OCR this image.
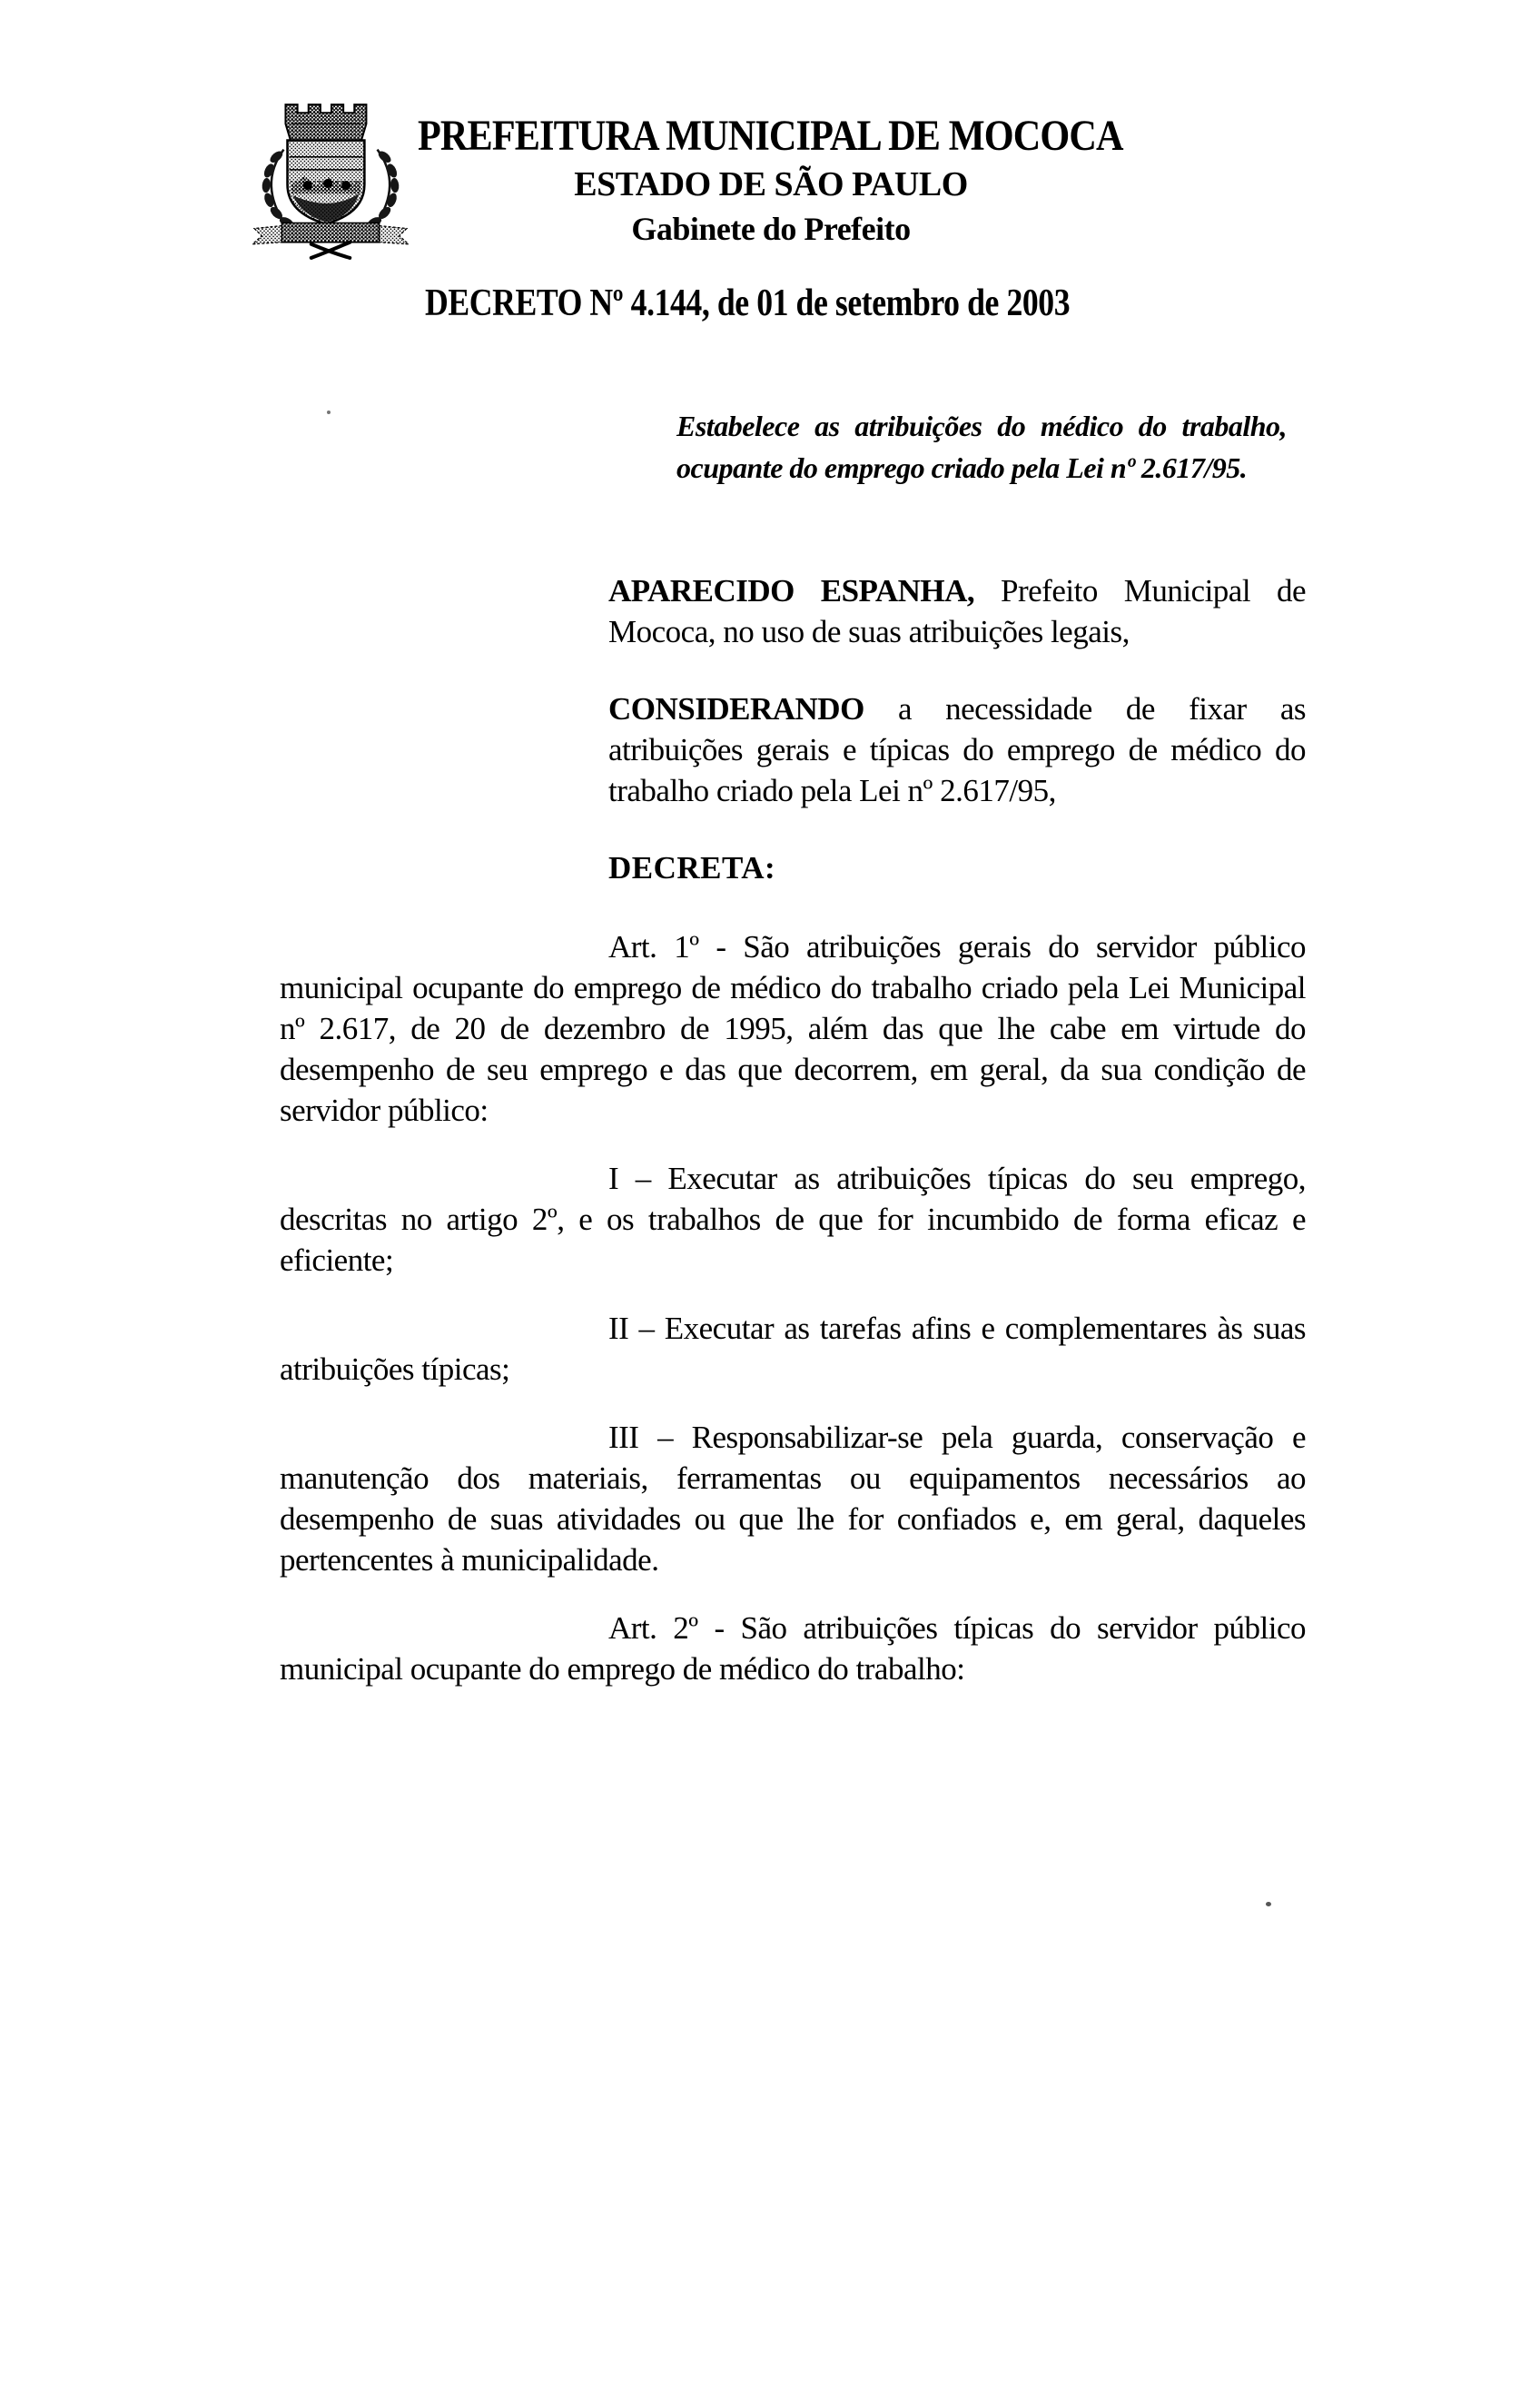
PREFEITURA MUNICIPAL DE MOCOCA
ESTADO DE SÃO PAULO
Gabinete do Prefeito
DECRETO Nº 4.144, de 01 de setembro de 2003

Estabelece as atribuições do médico do trabalho, ocupante do emprego criado pela Lei nº 2.617/95.

APARECIDO ESPANHA, Prefeito Municipal de Mococa, no uso de suas atribuições legais,

CONSIDERANDO a necessidade de fixar as atribuições gerais e típicas do emprego de médico do trabalho criado pela Lei nº 2.617/95,

DECRETA:

Art. 1º - São atribuições gerais do servidor público municipal ocupante do emprego de médico do trabalho criado pela Lei Municipal nº 2.617, de 20 de dezembro de 1995, além das que lhe cabe em virtude do desempenho de seu emprego e das que decorrem, em geral, da sua condição de servidor público:

I – Executar as atribuições típicas do seu emprego, descritas no artigo 2º, e os trabalhos de que for incumbido de forma eficaz e eficiente;

II – Executar as tarefas afins e complementares às suas atribuições típicas;

III – Responsabilizar-se pela guarda, conservação e manutenção dos materiais, ferramentas ou equipamentos necessários ao desempenho de suas atividades ou que lhe for confiados e, em geral, daqueles pertencentes à municipalidade.

Art. 2º - São atribuições típicas do servidor público municipal ocupante do emprego de médico do trabalho:
